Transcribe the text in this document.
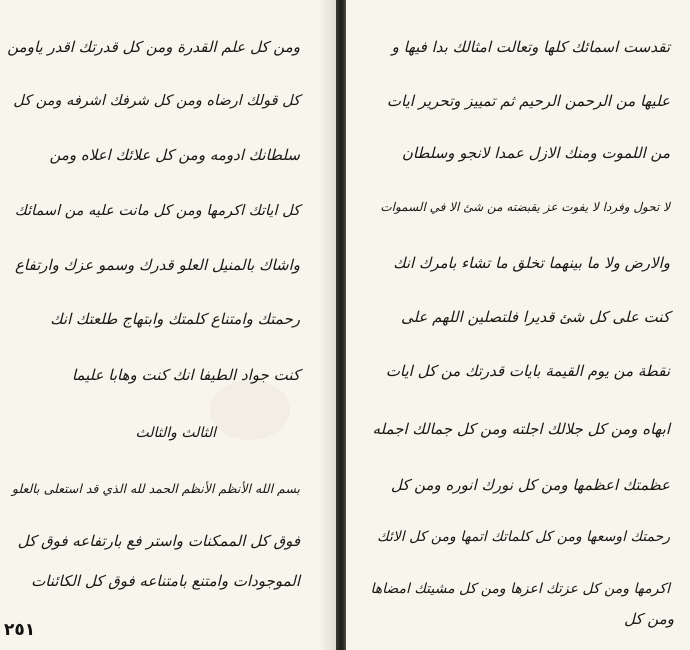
ومن كل علم القدرة ومن كل قدرتك اقدر ياومن
كل قولك ارضاه ومن كل شرفك اشرفه ومن كل
سلطانك ادومه ومن كل علائك اعلاه ومن
كل اياتك اكرمها ومن كل مانت عليه من اسمائك
واشاك بالمنيل العلو قدرك وسمو عزك وارتفاع
رحمتك وامتناع كلمتك وابتهاج طلعتك انك
كنت جواد الطيفا انك كنت وهابا عليما
الثالث والثالث
بسم الله الأنظم الأنظم الحمد لله الذي قد استعلى بالعلو
فوق كل الممكنات واستر فع بارتفاعه فوق كل
الموجودات وامتنع بامتناعه فوق كل الكائنات
٢٥١
تقدست اسمائك كلها وتعالت امثالك بدا فيها و
عليها من الرحمن الرحيم ثم تمييز وتحرير ايات
من اللموت ومنك الازل عمدا لانجو وسلطان
لا تحول وفردا لا يفوت عز يقبضته من شئ الا في السموات
والارض ولا ما بينهما تخلق ما تشاء بامرك انك
كنت على كل شئ قديرا فلتصلين اللهم على
نقطة من يوم القيمة بايات قدرتك من كل ايات
ابهاه ومن كل جلالك اجلته ومن كل جمالك اجمله
عظمتك اعظمها ومن كل نورك انوره ومن كل
رحمتك اوسعها ومن كل كلماتك اتمها ومن كل الائك
اكرمها ومن كل عزتك اعزها ومن كل مشيتك امضاها
ومن كل
